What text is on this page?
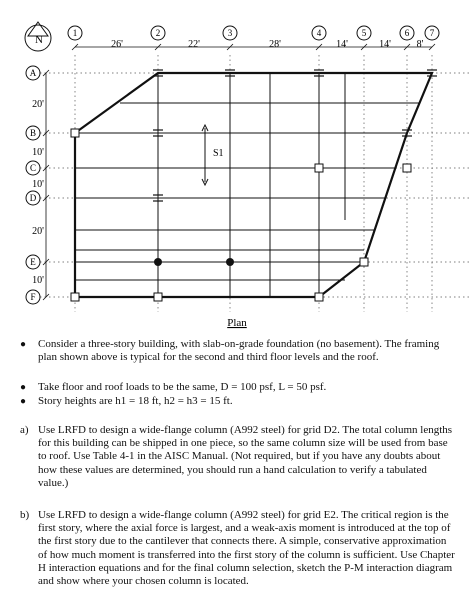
N
1	2	3	4	5	6 7
26'	22'	28'	14'	14'	8'
A
B
C
D
E
F
20'
10'
10'
20'
10'
S1
Plan
● Consider a three-story building, with slab-on-grade foundation (no basement). The framing plan shown above is typical for the second and third floor levels and the roof.
● Take floor and roof loads to be the same, D = 100 psf, L = 50 psf.
● Story heights are h1 = 18 ft, h2 = h3 = 15 ft.
a) Use LRFD to design a wide-flange column (A992 steel) for grid D2. The total column lengths for this building can be shipped in one piece, so the same column size will be used from base to roof. Use Table 4-1 in the AISC Manual. (Not required, but if you have any doubts about how these values are determined, you should run a hand calculation to verify a tabulated value.)
b) Use LRFD to design a wide-flange column (A992 steel) for grid E2. The critical region is the first story, where the axial force is largest, and a weak-axis moment is introduced at the top of the first story due to the cantilever that connects there. A simple, conservative approximation of how much moment is transferred into the first story of the column is sufficient. Use Chapter H interaction equations and for the final column selection, sketch the P-M interaction diagram and show where your chosen column is located.
